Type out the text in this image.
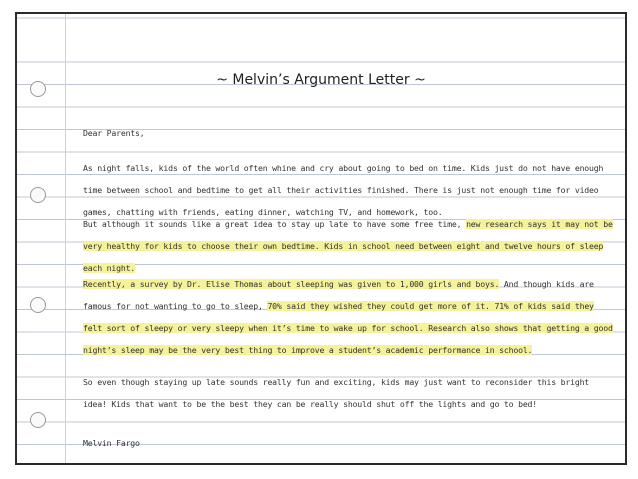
~ Melvin’s Argument Letter ~
Dear Parents,
As night falls, kids of the world often whine and cry about going to bed on time. Kids just do not have enough time between school and bedtime to get all their activities finished. There is just not enough time for video games, chatting with friends, eating dinner, watching TV, and homework, too.
But although it sounds like a great idea to stay up late to have some free time, new research says it may not be very healthy for kids to choose their own bedtime. Kids in school need between eight and twelve hours of sleep each night.
Recently, a survey by Dr. Elise Thomas about sleeping was given to 1,000 girls and boys. And though kids are famous for not wanting to go to sleep, 70% said they wished they could get more of it. 71% of kids said they felt sort of sleepy or very sleepy when it’s time to wake up for school. Research also shows that getting a good night’s sleep may be the very best thing to improve a student’s academic performance in school.
So even though staying up late sounds really fun and exciting, kids may just want to reconsider this bright idea! Kids that want to be the best they can be really should shut off the lights and go to bed!
Melvin Fargo
